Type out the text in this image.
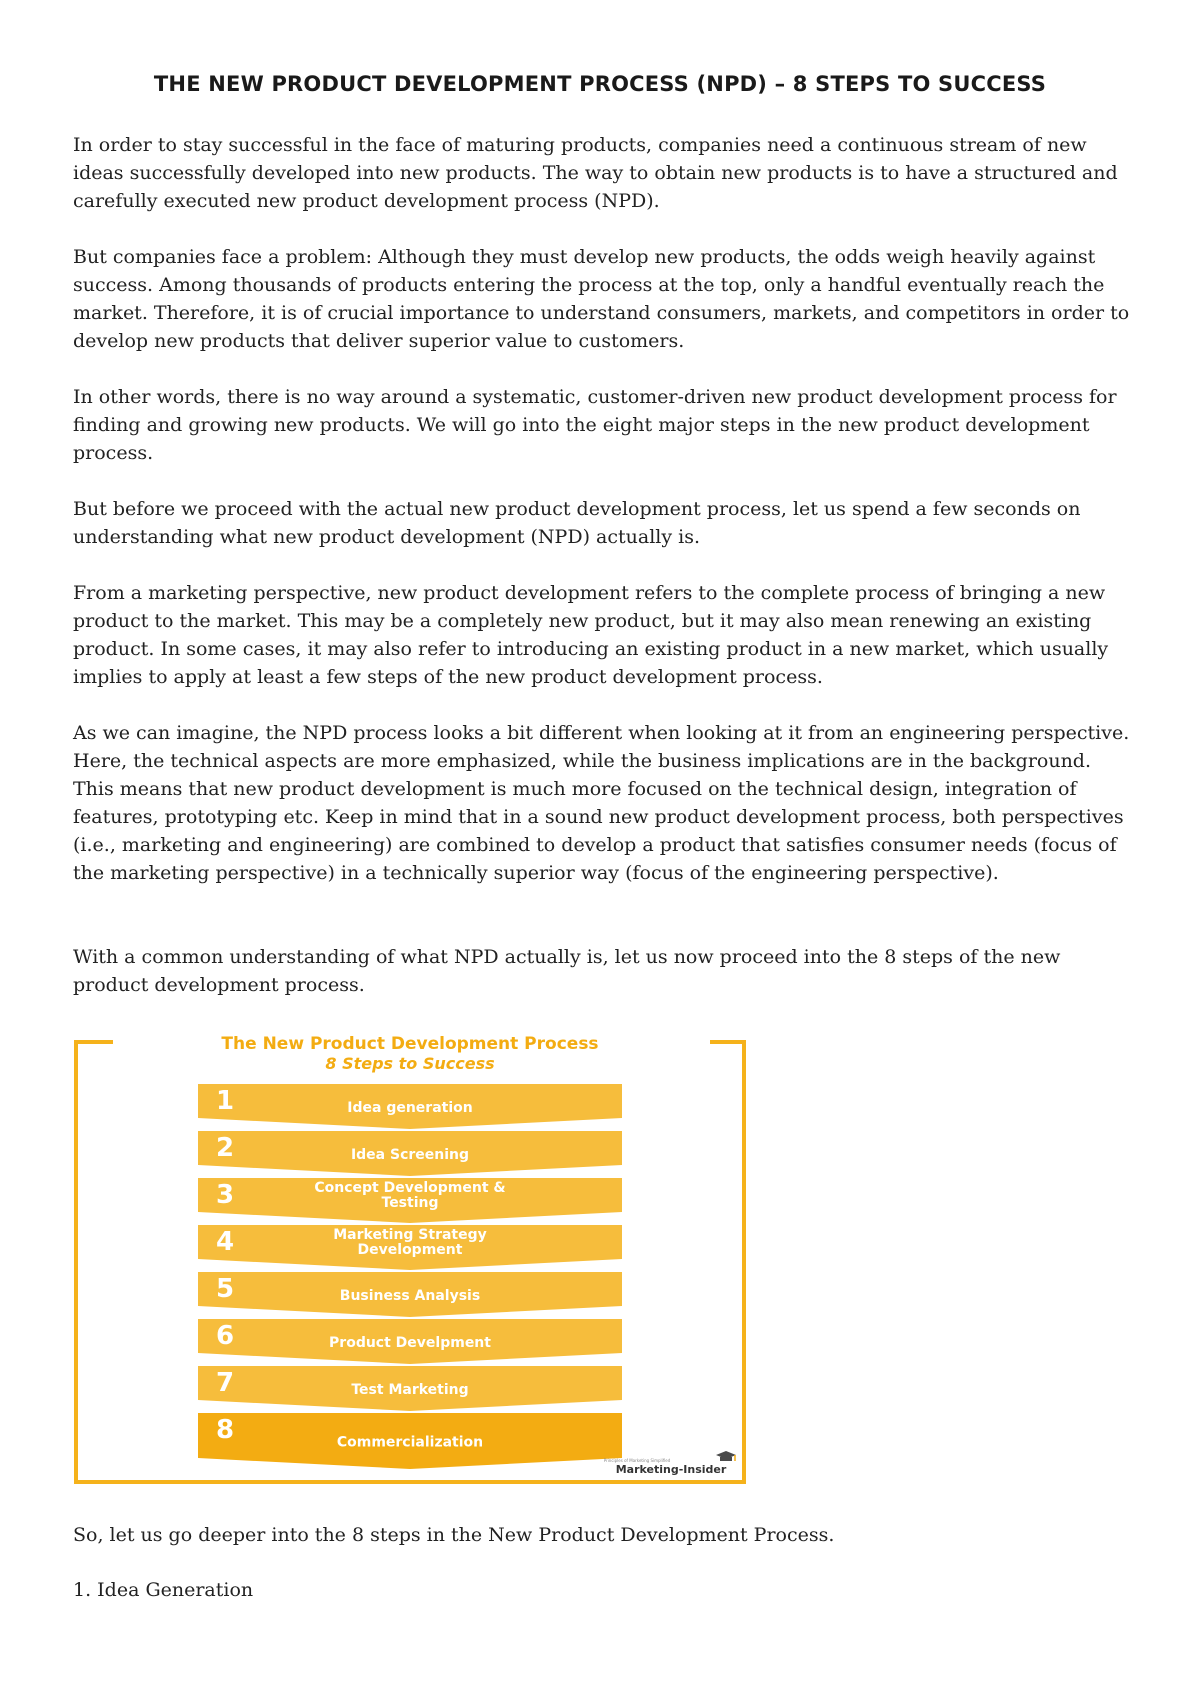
THE NEW PRODUCT DEVELOPMENT PROCESS (NPD) – 8 STEPS TO SUCCESS

In order to stay successful in the face of maturing products, companies need a continuous stream of new ideas successfully developed into new products. The way to obtain new products is to have a structured and carefully executed new product development process (NPD).

But companies face a problem: Although they must develop new products, the odds weigh heavily against success. Among thousands of products entering the process at the top, only a handful eventually reach the market. Therefore, it is of crucial importance to understand consumers, markets, and competitors in order to develop new products that deliver superior value to customers.

In other words, there is no way around a systematic, customer-driven new product development process for finding and growing new products. We will go into the eight major steps in the new product development process.

But before we proceed with the actual new product development process, let us spend a few seconds on understanding what new product development (NPD) actually is.

From a marketing perspective, new product development refers to the complete process of bringing a new product to the market. This may be a completely new product, but it may also mean renewing an existing product. In some cases, it may also refer to introducing an existing product in a new market, which usually implies to apply at least a few steps of the new product development process.

As we can imagine, the NPD process looks a bit different when looking at it from an engineering perspective. Here, the technical aspects are more emphasized, while the business implications are in the background. This means that new product development is much more focused on the technical design, integration of features, prototyping etc. Keep in mind that in a sound new product development process, both perspectives (i.e., marketing and engineering) are combined to develop a product that satisfies consumer needs (focus of the marketing perspective) in a technically superior way (focus of the engineering perspective).

With a common understanding of what NPD actually is, let us now proceed into the 8 steps of the new product development process.

The New Product Development Process
8 Steps to Success
1	Idea generation
2	Idea Screening
3	Concept Development &
Testing
4	Marketing Strategy
Development
5	Business Analysis
6	Product Develpment
7	Test Marketing
8	Commercialization
Principles of Marketing Simplified
Marketing-Insider

So, let us go deeper into the 8 steps in the New Product Development Process.

1. Idea Generation
